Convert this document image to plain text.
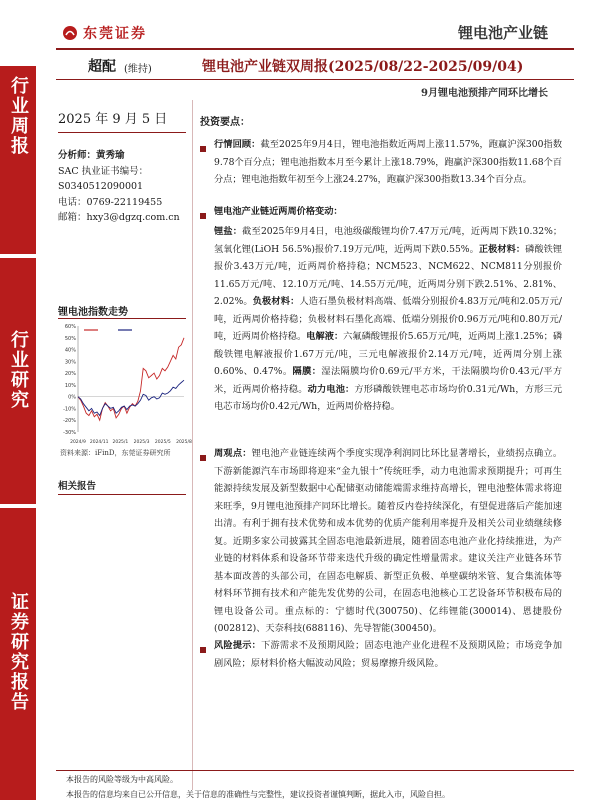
东莞证券	锂电池产业链
行业周报
行业研究
证券研究报告
超配 (维持)	锂电池产业链双周报(2025/08/22-2025/09/04)
9月锂电池预排产同环比增长
2025 年 9 月 5 日
分析师：黄秀瑜
SAC 执业证书编号：
S0340512090001
电话：0769-22119455
邮箱：hxy3@dgzq.com.cn
锂电池指数走势
60%
50%
40%
30%
20%
10%
0%
-10%
-20%
-30%
2024/9 2024/11 2025/1 2025/3 2025/5 2025/8
资料来源：iFinD，东莞证券研究所
相关报告
投资要点：
行情回顾：截至2025年9月4日，锂电池指数近两周上涨11.57%，跑赢沪深300指数9.78个百分点；锂电池指数本月至今累计上涨18.79%，跑赢沪深300指数11.68个百分点；锂电池指数年初至今上涨24.27%，跑赢沪深300指数13.34个百分点。
锂电池产业链近两周价格变动：
锂盐：截至2025年9月4日，电池级碳酸锂均价7.47万元/吨，近两周下跌10.32%；氢氧化锂(LiOH 56.5%)报价7.19万元/吨，近两周下跌0.55%。正极材料：磷酸铁锂报价3.43万元/吨，近两周价格持稳；NCM523、NCM622、NCM811分别报价11.65万元/吨、12.10万元/吨、14.55万元/吨，近两周分别下跌2.51%、2.81%、2.02%。负极材料：人造石墨负极材料高端、低端分别报价4.83万元/吨和2.05万元/吨，近两周价格持稳；负极材料石墨化高端、低端分别报价0.96万元/吨和0.80万元/吨，近两周价格持稳。电解液：六氟磷酸锂报价5.65万元/吨，近两周上涨1.25%；磷酸铁锂电解液报价1.67万元/吨，三元电解液报价2.14万元/吨，近两周分别上涨0.60%、0.47%。隔膜：湿法隔膜均价0.69元/平方米，干法隔膜均价0.43元/平方米，近两周价格持稳。动力电池：方形磷酸铁锂电芯市场均价0.31元/Wh，方形三元电芯市场均价0.42元/Wh，近两周价格持稳。
周观点：锂电池产业链连续两个季度实现净利润同比环比显著增长，业绩拐点确立。下游新能源汽车市场即将迎来“金九银十”传统旺季，动力电池需求预期提升；可再生能源持续发展及新型数据中心配储驱动储能端需求维持高增长，锂电池整体需求将迎来旺季，9月锂电池预排产同环比增长。随着反内卷持续深化，有望促进落后产能加速出清。有利于拥有技术优势和成本优势的优质产能利用率提升及相关公司业绩继续修复。近期多家公司披露其全固态电池最新进展，随着固态电池产业化持续推进，为产业链的材料体系和设备环节带来迭代升级的确定性增量需求。建议关注产业链各环节基本面改善的头部公司，在固态电解质、新型正负极、单壁碳纳米管、复合集流体等材料环节拥有技术和产能先发优势的公司，在固态电池核心工艺设备环节积极布局的锂电设备公司。重点标的：宁德时代(300750)、亿纬锂能(300014)、恩捷股份(002812)、天奈科技(688116)、先导智能(300450)。
风险提示：下游需求不及预期风险；固态电池产业化进程不及预期风险；市场竞争加剧风险；原材料价格大幅波动风险；贸易摩擦升级风险。
本报告的风险等级为中高风险。
本报告的信息均来自已公开信息，关于信息的准确性与完整性，建议投资者谨慎判断，据此入市，风险自担。
